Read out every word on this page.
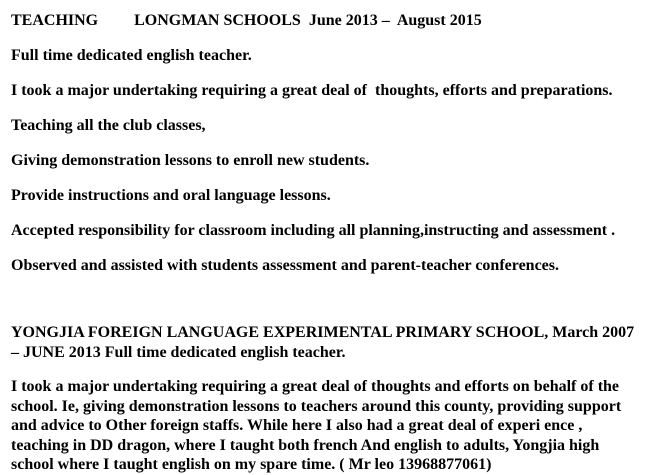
TEACHING LONGMAN SCHOOLS  June 2013 –  August 2015

Full time dedicated english teacher.

I took a major undertaking requiring a great deal of  thoughts, efforts and preparations.

Teaching all the club classes,

Giving demonstration lessons to enroll new students.

Provide instructions and oral language lessons.

Accepted responsibility for classroom including all planning,instructing and assessment .

Observed and assisted with students assessment and parent-teacher conferences.

YONGJIA FOREIGN LANGUAGE EXPERIMENTAL PRIMARY SCHOOL, March 2007
– JUNE 2013 Full time dedicated english teacher.
I took a major undertaking requiring a great deal of thoughts and efforts on behalf of the
school. Ie, giving demonstration lessons to teachers around this county, providing support
and advice to Other foreign staffs. While here I also had a great deal of experi ence ,
teaching in DD dragon, where I taught both french And english to adults, Yongjia high
school where I taught english on my spare time. ( Mr leo 13968877061)
